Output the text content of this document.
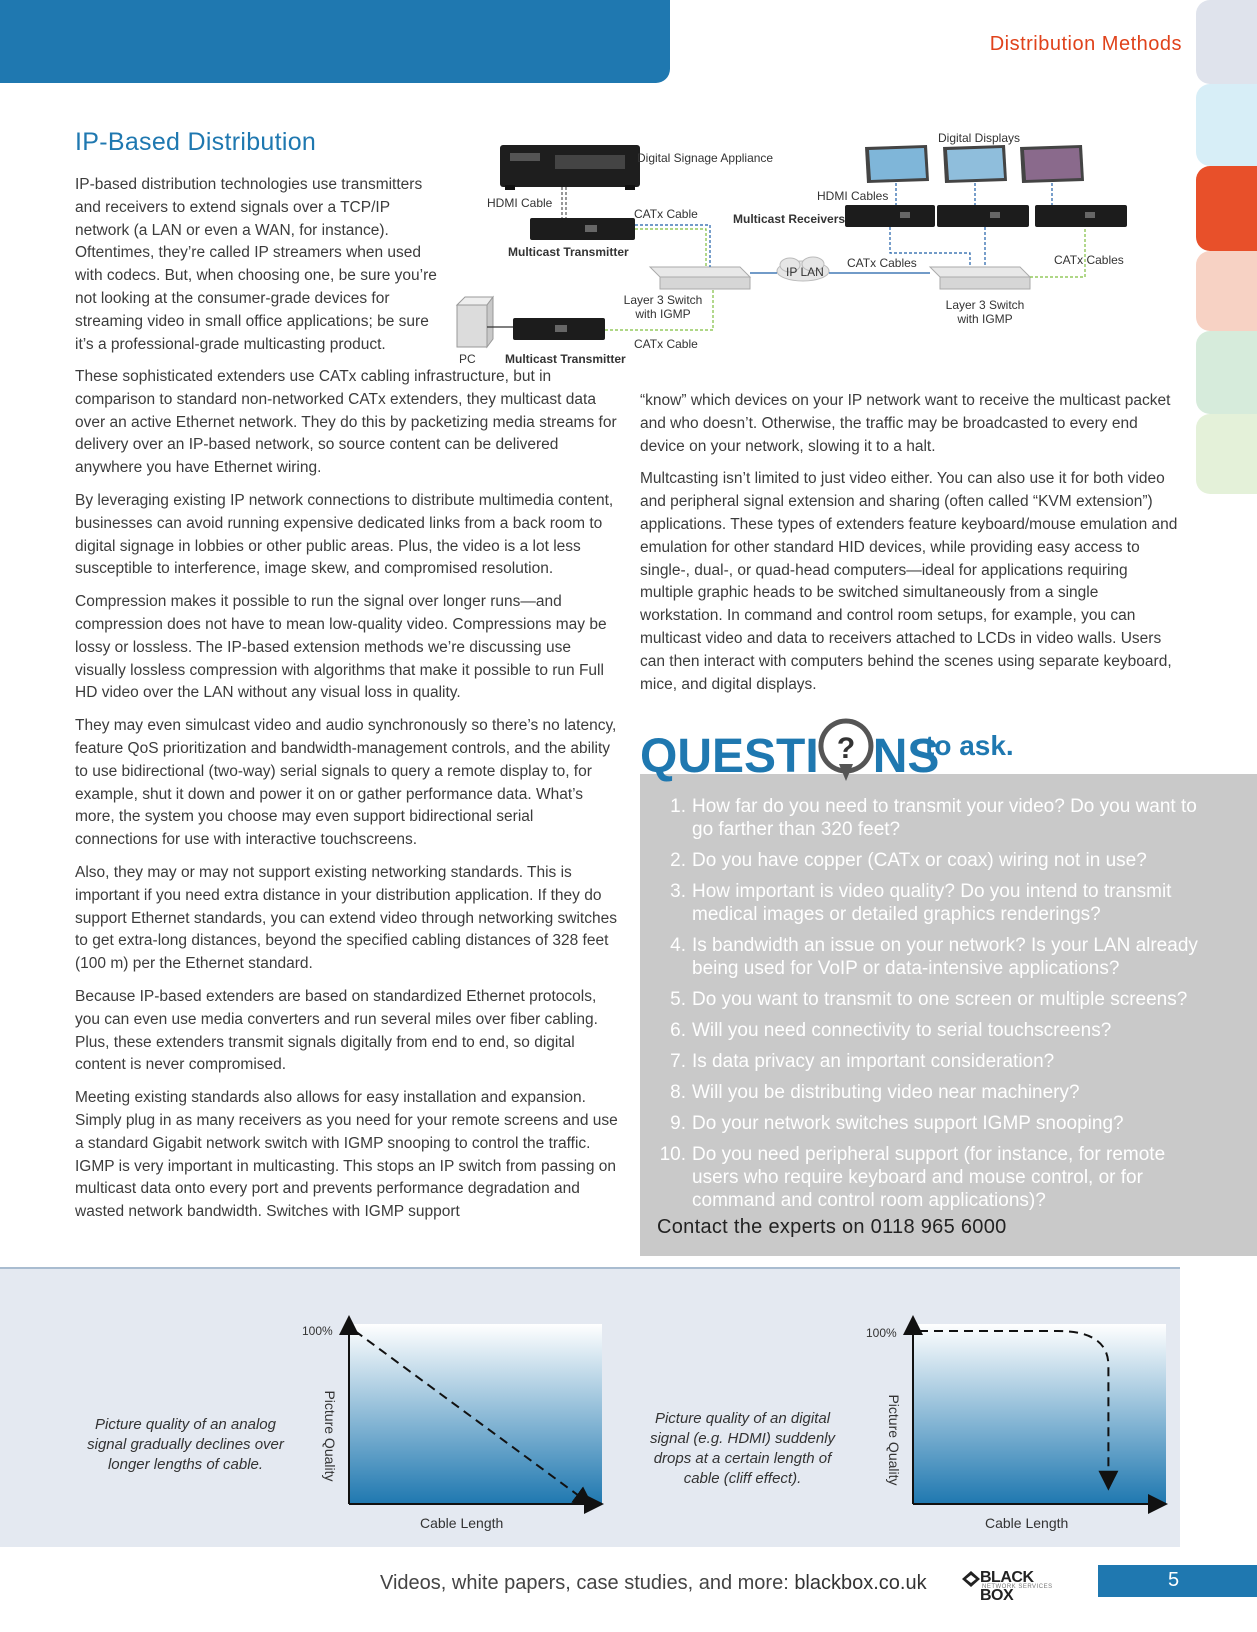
Distribution Methods
IP-Based Distribution

IP-based distribution technologies use transmitters and receivers to extend signals over a TCP/IP network (a LAN or even a WAN, for instance). Oftentimes, they’re called IP streamers when used with codecs. But, when choosing one, be sure you’re not looking at the consumer-grade devices for streaming video in small office applications; be sure it’s a professional-grade multicasting product.

Digital Signage Appliance
HDMI Cable
CATx Cable
Multicast Transmitter
Layer 3 Switch with IGMP
PC Multicast Transmitter
CATx Cable
IP LAN
HDMI Cables
Multicast Receivers
Digital Displays
CATx Cables	CATx Cables
Layer 3 Switch with IGMP

These sophisticated extenders use CATx cabling infrastructure, but in comparison to standard non-networked CATx extenders, they multicast data over an active Ethernet network. They do this by packetizing media streams for delivery over an IP-based network, so source content can be delivered anywhere you have Ethernet wiring.

By leveraging existing IP network connections to distribute multimedia content, businesses can avoid running expensive dedicated links from a back room to digital signage in lobbies or other public areas. Plus, the video is a lot less susceptible to interference, image skew, and compromised resolution.

Compression makes it possible to run the signal over longer runs—and compression does not have to mean low-quality video. Compressions may be lossy or lossless. The IP-based extension methods we’re discussing use visually lossless compression with algorithms that make it possible to run Full HD video over the LAN without any visual loss in quality.

They may even simulcast video and audio synchronously so there’s no latency, feature QoS prioritization and bandwidth-management controls, and the ability to use bidirectional (two-way) serial signals to query a remote display to, for example, shut it down and power it on or gather performance data. What’s more, the system you choose may even support bidirectional serial connections for use with interactive touchscreens.

Also, they may or may not support existing networking standards. This is important if you need extra distance in your distribution application. If they do support Ethernet standards, you can extend video through networking switches to get extra-long distances, beyond the specified cabling distances of 328 feet (100 m) per the Ethernet standard.

Because IP-based extenders are based on standardized Ethernet protocols, you can even use media converters and run several miles over fiber cabling. Plus, these extenders transmit signals digitally from end to end, so digital content is never compromised.

Meeting existing standards also allows for easy installation and expansion. Simply plug in as many receivers as you need for your remote screens and use a standard Gigabit network switch with IGMP snooping to control the traffic. IGMP is very important in multicasting. This stops an IP switch from passing on multicast data onto every port and prevents performance degradation and wasted network bandwidth. Switches with IGMP support

“know” which devices on your IP network want to receive the multicast packet and who doesn’t. Otherwise, the traffic may be broadcasted to every end device on your network, slowing it to a halt.

Multcasting isn’t limited to just video either. You can also use it for both video and peripheral signal extension and sharing (often called “KVM extension”) applications. These types of extenders feature keyboard/mouse emulation and emulation for other standard HID devices, while providing easy access to single-, dual-, or quad-head computers—ideal for applications requiring multiple graphic heads to be switched simultaneously from a single workstation. In command and control room setups, for example, you can multicast video and data to receivers attached to LCDs in video walls. Users can then interact with computers behind the scenes using separate keyboard, mice, and digital displays.

QUESTI ? NS
to ask.
1. How far do you need to transmit your video? Do you want to go farther than 320 feet?
2. Do you have copper (CATx or coax) wiring not in use?
3. How important is video quality? Do you intend to transmit medical images or detailed graphics renderings?
4. Is bandwidth an issue on your network? Is your LAN already being used for VoIP or data-intensive applications?
5. Do you want to transmit to one screen or multiple screens?
6. Will you need connectivity to serial touchscreens?
7. Is data privacy an important consideration?
8. Will you be distributing video near machinery?
9. Do your network switches support IGMP snooping?
10. Do you need peripheral support (for instance, for remote users who require keyboard and mouse control, or for command and control room applications)?
Contact the experts on 0118 965 6000
100%	100%
Picture Quality	Picture Quality
Cable Length	Cable Length
Picture quality of an analog signal gradually declines over longer lengths of cable.
Picture quality of an digital signal (e.g. HDMI) suddenly drops at a certain length of cable (cliff effect).
Videos, white papers, case studies, and more: blackbox.co.uk	BLACK BOX
NETWORK SERVICES	5
